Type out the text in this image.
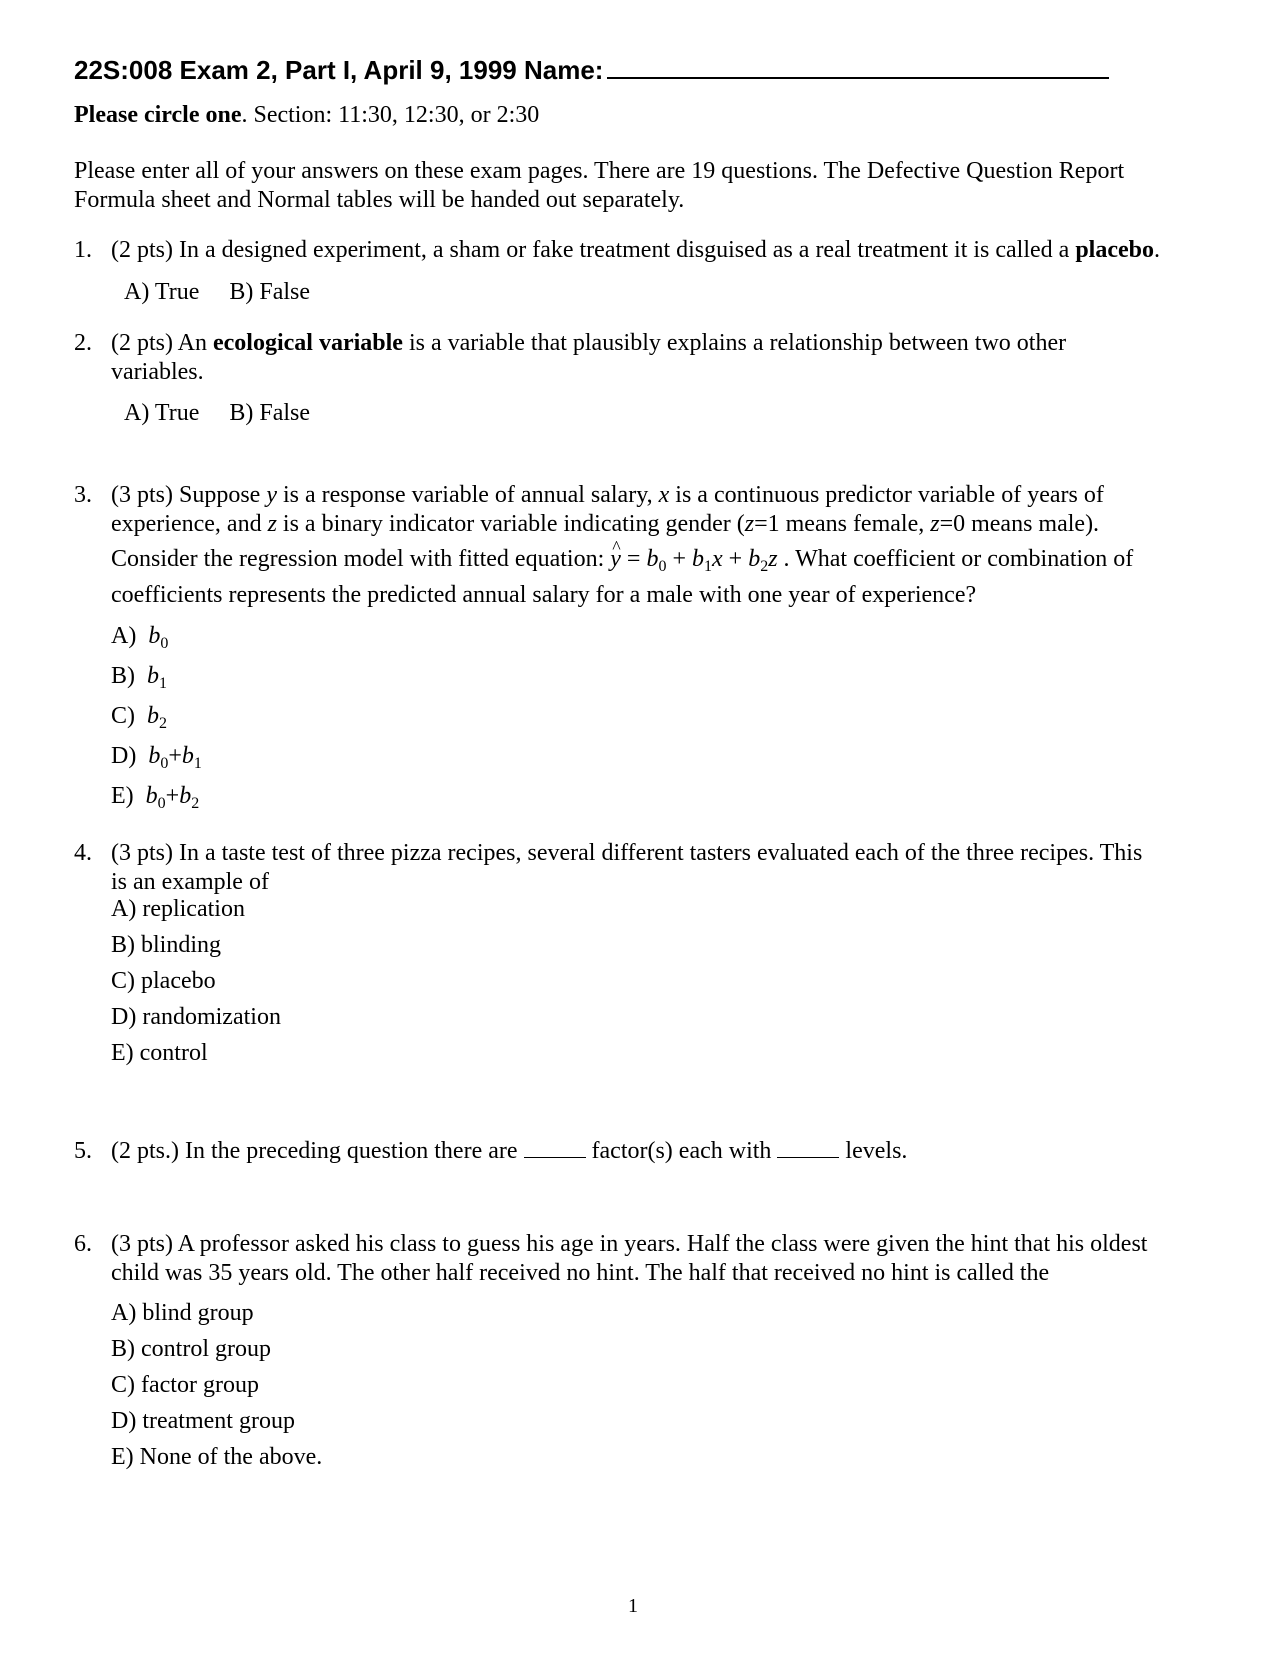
22S:008 Exam 2, Part I, April 9, 1999 Name:
Please circle one. Section: 11:30, 12:30, or 2:30
Please enter all of your answers on these exam pages. There are 19 questions. The Defective Question Report
Formula sheet and Normal tables will be handed out separately.
1. (2 pts) In a designed experiment, a sham or fake treatment disguised as a real treatment it is called a placebo.
A) True B) False
2. (2 pts) An ecological variable is a variable that plausibly explains a relationship between two other variables.
A) True B) False
3. (3 pts) Suppose y is a response variable of annual salary, x is a continuous predictor variable of years of experience, and z is a binary indicator variable indicating gender (z=1 means female, z=0 means male).
Consider the regression model with fitted equation: ^ $y = b_0 + b_1x + b_2z$ . What coefficient or combination of
coefficients represents the predicted annual salary for a male with one year of experience?
A)  $b_0$
B)  $b_1$
C)  $b_2$
D)  $b_0+b_1$
E)  $b_0+b_2$
4. (3 pts) In a taste test of three pizza recipes, several different tasters evaluated each of the three recipes. This is an example of
A) replication
B) blinding
C) placebo
D) randomization
E) control
5. (2 pts.) In the preceding question there are	factor(s) each with	levels.
6. (3 pts) A professor asked his class to guess his age in years. Half the class were given the hint that his oldest child was 35 years old. The other half received no hint. The half that received no hint is called the
A) blind group
B) control group
C) factor group
D) treatment group
E) None of the above.
1
